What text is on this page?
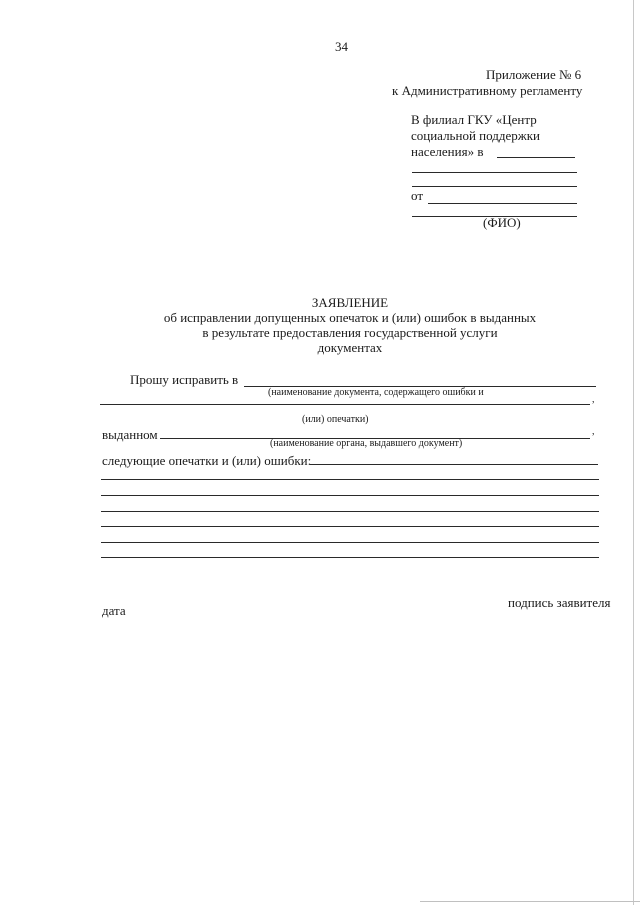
34
Приложение № 6
к Административному регламенту
В филиал ГКУ «Центр
социальной поддержки
населения» в
от
(ФИО)
ЗАЯВЛЕНИЕ
об исправлении допущенных опечаток и (или) ошибок в выданных
в результате предоставления государственной услуги
документах
Прошу исправить в
(наименование документа, содержащего ошибки и
,
(или) опечатки)
выданном	,
(наименование органа, выдавшего документ)
следующие опечатки и (или) ошибки:
подпись заявителя
дата
